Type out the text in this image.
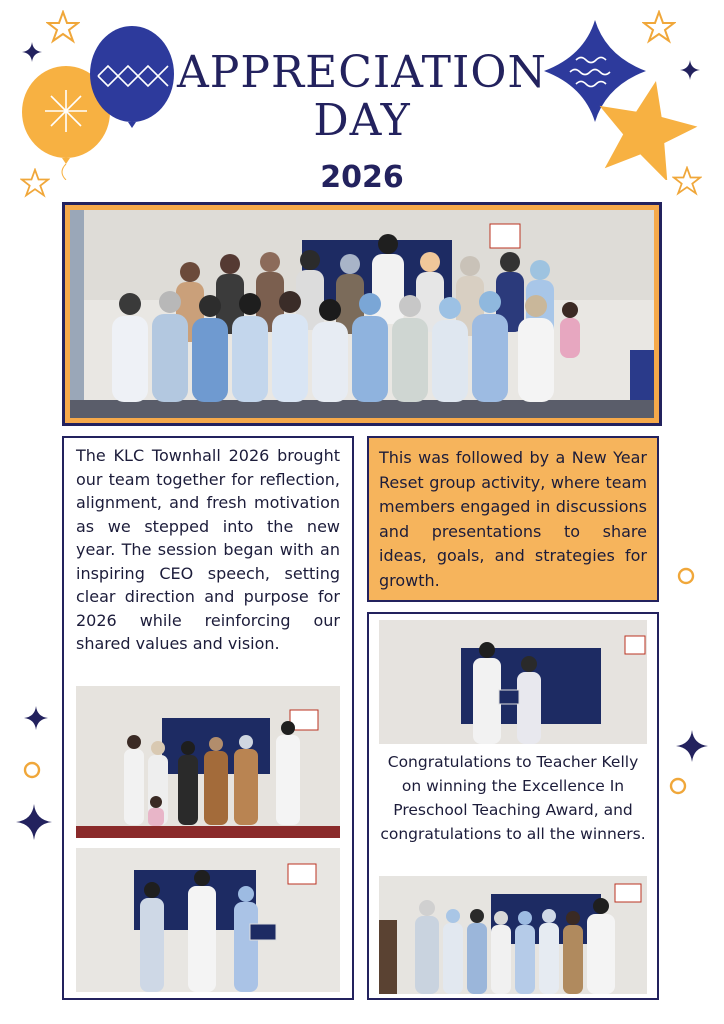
APPRECIATION
DAY
2026

The KLC Townhall 2026 brought our team together for reflection, alignment, and fresh motivation as we stepped into the new year. The session began with an inspiring CEO speech, setting clear direction and purpose for 2026 while reinforcing our shared values and vision.

This was followed by a New Year Reset group activity, where team members engaged in discussions and presentations to share ideas, goals, and strategies for growth.

Congratulations to Teacher Kelly on winning the Excellence In Preschool Teaching Award, and congratulations to all the winners.
